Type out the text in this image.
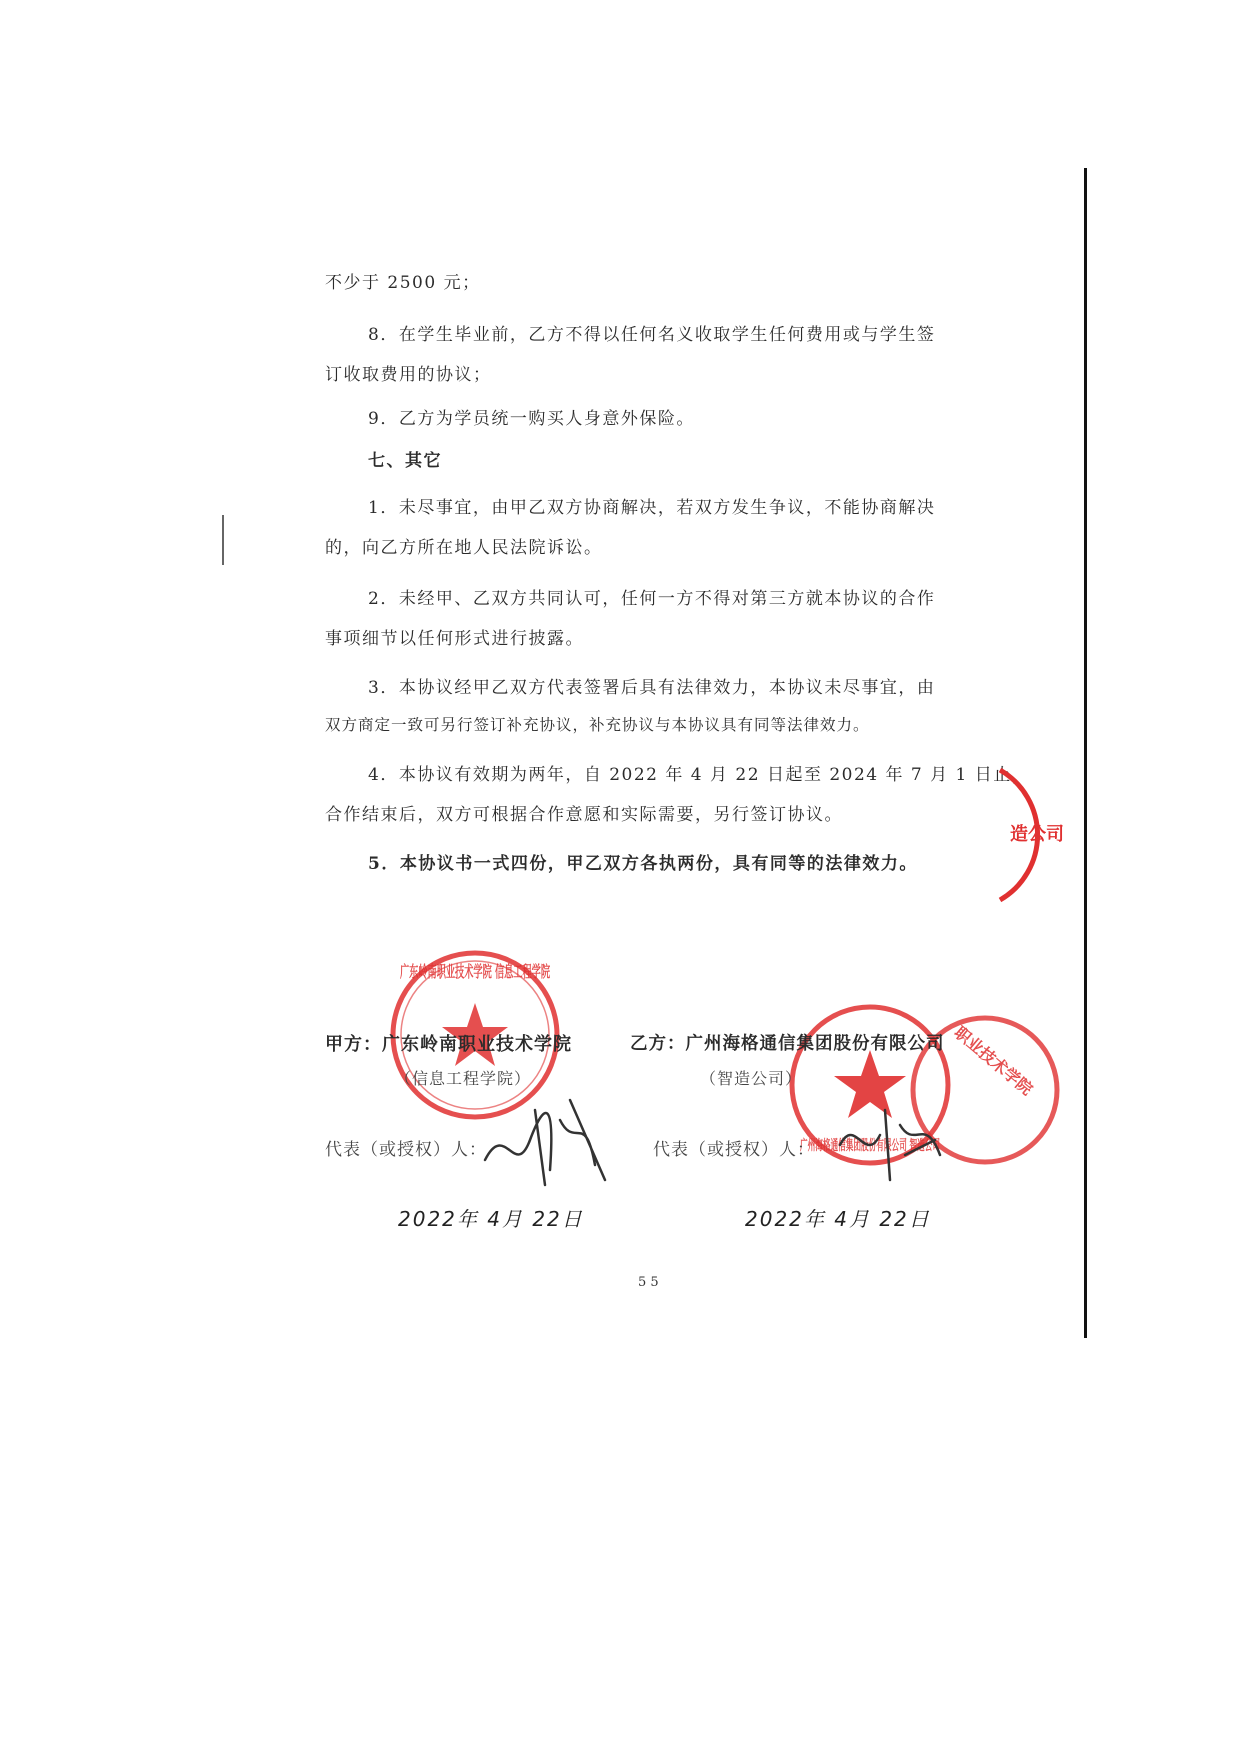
不少于 2500 元；
8．在学生毕业前，乙方不得以任何名义收取学生任何费用或与学生签
订收取费用的协议；
9．乙方为学员统一购买人身意外保险。
七、其它
1．未尽事宜，由甲乙双方协商解决，若双方发生争议，不能协商解决
的，向乙方所在地人民法院诉讼。
2．未经甲、乙双方共同认可，任何一方不得对第三方就本协议的合作
事项细节以任何形式进行披露。
3．本协议经甲乙双方代表签署后具有法律效力，本协议未尽事宜，由
双方商定一致可另行签订补充协议，补充协议与本协议具有同等法律效力。
4．本协议有效期为两年，自 2022 年 4 月 22 日起至 2024 年 7 月 1 日止，
合作结束后，双方可根据合作意愿和实际需要，另行签订协议。
5．本协议书一式四份，甲乙双方各执两份，具有同等的法律效力。
造公司
广东岭南职业技术学院 信息工程学院
广州海格通信集团股份有限公司 智造公司
职业技术学院
甲方：广东岭南职业技术学院
（信息工程学院）
代表（或授权）人：
2022年 4月 22日
乙方：广州海格通信集团股份有限公司
（智造公司）
代表（或授权）人：
2022年 4月 22日
5 5
